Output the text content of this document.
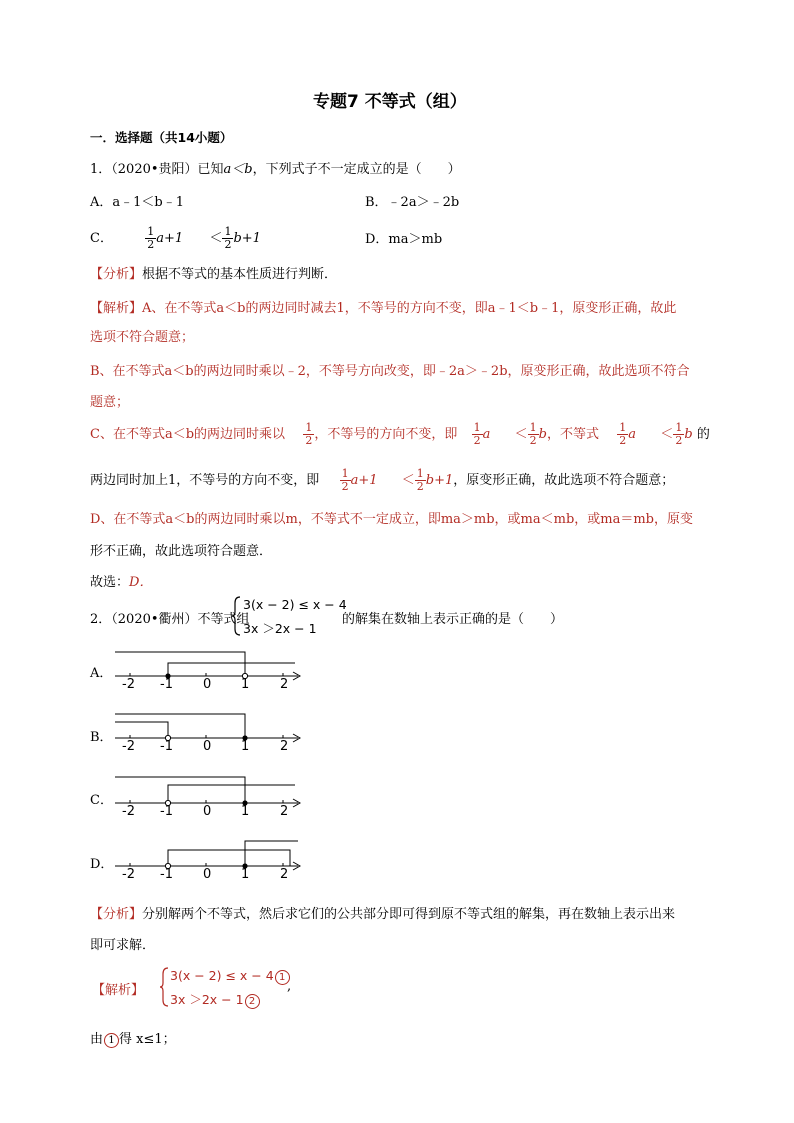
专题7 不等式（组）
一．选择题（共14小题）
1．（2020•贵阳）已知a＜b，下列式子不一定成立的是（　　）
A．a﹣1＜b﹣1	B．﹣2a＞﹣2b
C．	$\frac{1}{2} a+1 < \frac{1}{2} b+1$	D．ma＞mb
【分析】根据不等式的基本性质进行判断．
【解析】A、在不等式a＜b的两边同时减去1，不等号的方向不变，即a﹣1＜b﹣1，原变形正确，故此
选项不符合题意；
B、在不等式a＜b的两边同时乘以﹣2，不等号方向改变，即﹣2a＞﹣2b，原变形正确，故此选项不符合
题意；
C、在不等式a＜b的两边同时乘以 $\frac{1}{2}$ ，不等号的方向不变，即 $\frac{1}{2}$ $a < \frac{1}{2}$ b，不等式 $\frac{1}{2}$ $a < \frac{1}{2}$ b 的
两边同时加上1，不等号的方向不变，即 $\frac{1}{2} a+1 < \frac{1}{2} b+1$，原变形正确，故此选项不符合题意；
D、在不等式a＜b的两边同时乘以m，不等式不一定成立，即ma＞mb，或ma＜mb，或ma＝mb，原变
形不正确，故此选项符合题意．
故选：D．
2．（2020•衢州）不等式组
3(x − 2) ≤ x − 4
3x ＞2x − 1
的解集在数轴上表示正确的是（　　）
A．
B．
C．
D．
-2 -1 0 1 2
-2 -1 0 1 2
-2 -1 0 1 2
-2 -1 0 1 2
【分析】分别解两个不等式，然后求它们的公共部分即可得到原不等式组的解集，再在数轴上表示出来
即可求解．
【解析】
3(x − 2) ≤ x − 4 1
3x ＞2x − 1 2
,
由 1 得 x≤1；
